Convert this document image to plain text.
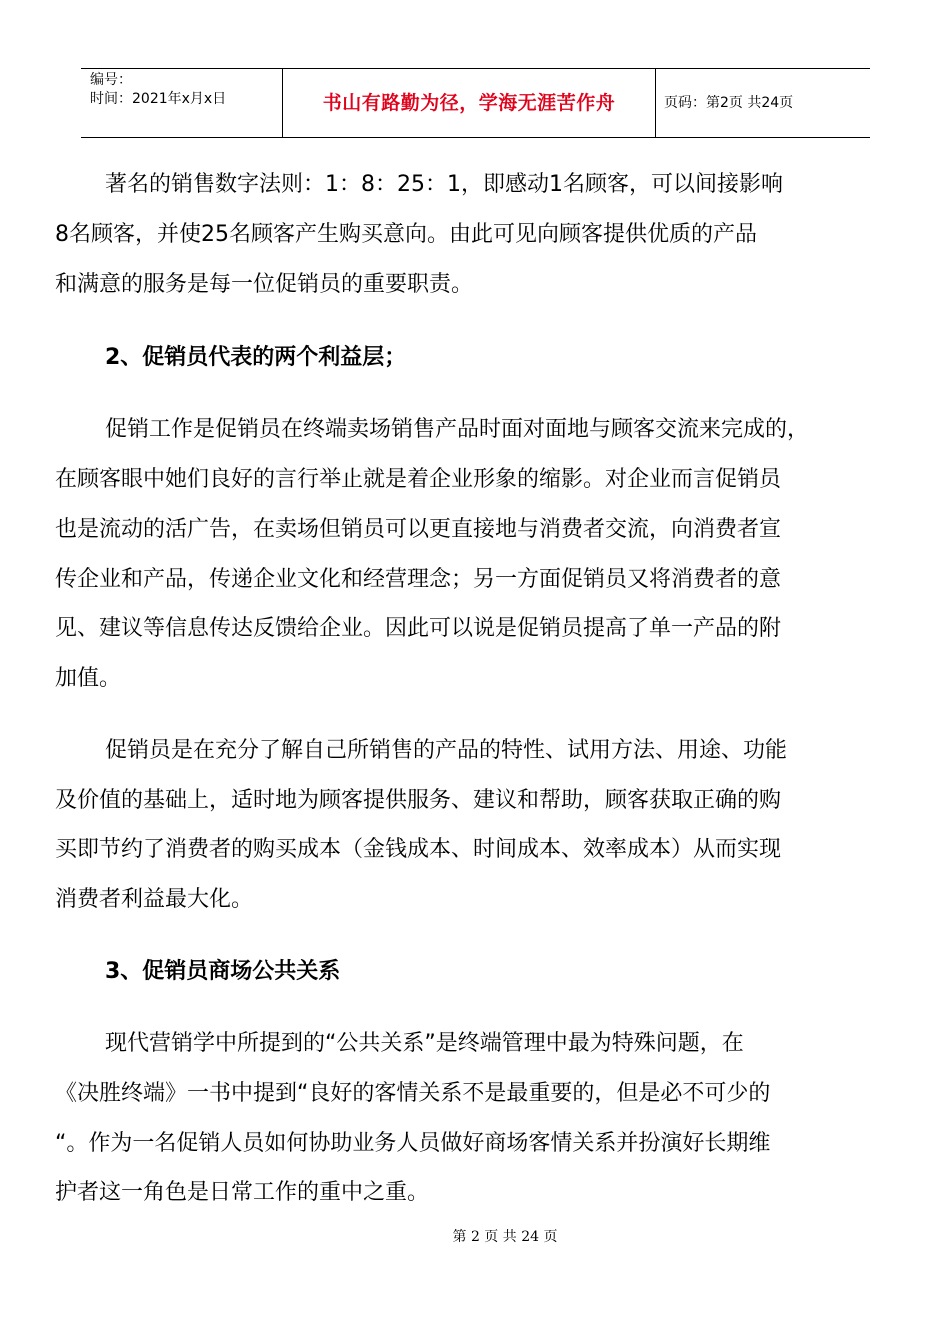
编号：
时间：2021年x月x日	书山有路勤为径，学海无涯苦作舟	页码：第2页 共24页
著名的销售数字法则：1：8：25：1，即感动1名顾客，可以间接影响
8名顾客，并使25名顾客产生购买意向。由此可见向顾客提供优质的产品
和满意的服务是每一位促销员的重要职责。
2、促销员代表的两个利益层；
促销工作是促销员在终端卖场销售产品时面对面地与顾客交流来完成的，
在顾客眼中她们良好的言行举止就是着企业形象的缩影。对企业而言促销员
也是流动的活广告，在卖场但销员可以更直接地与消费者交流，向消费者宣
传企业和产品，传递企业文化和经营理念；另一方面促销员又将消费者的意
见、建议等信息传达反馈给企业。因此可以说是促销员提高了单一产品的附
加值。
促销员是在充分了解自己所销售的产品的特性、试用方法、用途、功能
及价值的基础上，适时地为顾客提供服务、建议和帮助，顾客获取正确的购
买即节约了消费者的购买成本（金钱成本、时间成本、效率成本）从而实现
消费者利益最大化。
3、促销员商场公共关系
现代营销学中所提到的“公共关系”是终端管理中最为特殊问题，在
《决胜终端》一书中提到“良好的客情关系不是最重要的，但是必不可少的
“。作为一名促销人员如何协助业务人员做好商场客情关系并扮演好长期维
护者这一角色是日常工作的重中之重。
第 2 页 共 24 页
